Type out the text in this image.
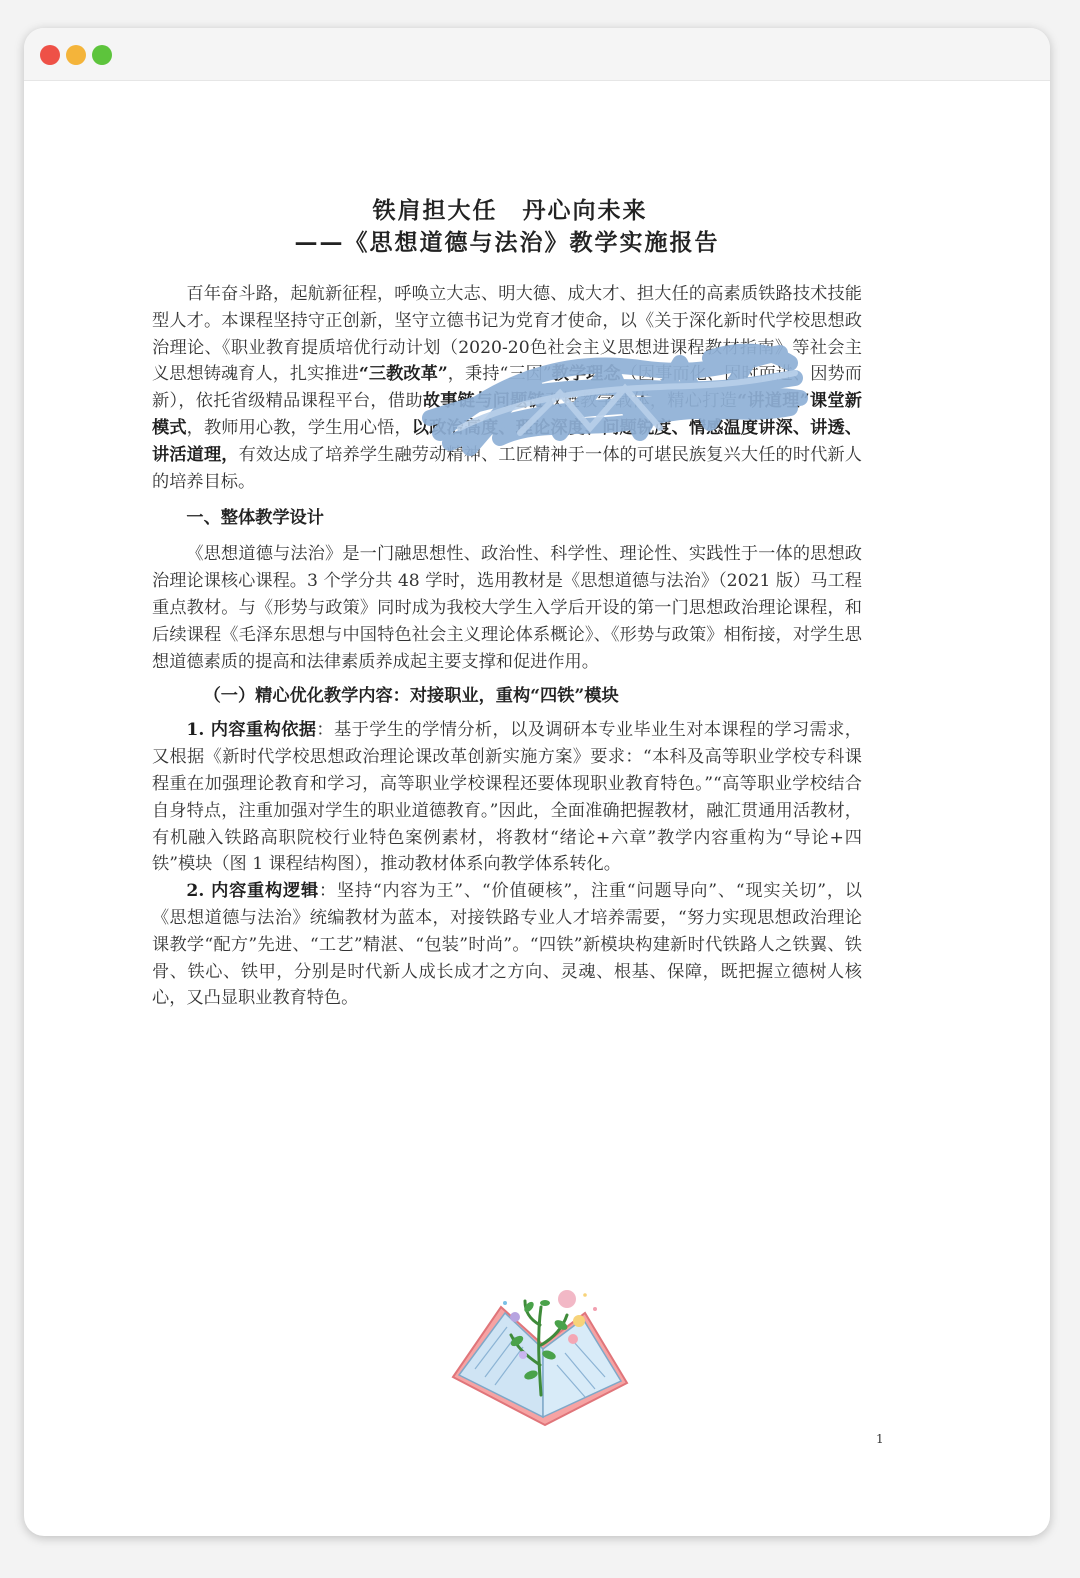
铁肩担大任　丹心向未来

——《思想道德与法治》教学实施报告

百年奋斗路，起航新征程，呼唤立大志、明大德、成大才、担大任的高素质铁路技术技能型人才。本课程坚持守正创新，坚守立德书记为党育才使命，以《关于深化新时代学校思想政治理论、《职业教育提质培优行动计划（2020-20色社会主义思想进课程教材指南》等社会主义思想铸魂育人，扎实推进“三教改革”，秉持“三因”教学理念（因事而化、因时而进、因势而新），依托省级精品课程平台，借助故事链与问题链双链教学载体，精心打造“讲道理”课堂新模式，教师用心教，学生用心悟，以政治高度、理论深度、问题锐度、情感温度讲深、讲透、讲活道理，有效达成了培养学生融劳动精神、工匠精神于一体的可堪民族复兴大任的时代新人的培养目标。

一、整体教学设计

《思想道德与法治》是一门融思想性、政治性、科学性、理论性、实践性于一体的思想政治理论课核心课程。3 个学分共 48 学时，选用教材是《思想道德与法治》（2021 版）马工程重点教材。与《形势与政策》同时成为我校大学生入学后开设的第一门思想政治理论课程，和后续课程《毛泽东思想与中国特色社会主义理论体系概论》、《形势与政策》相衔接，对学生思想道德素质的提高和法律素质养成起主要支撑和促进作用。

（一）精心优化教学内容：对接职业，重构“四铁”模块

1. 内容重构依据：基于学生的学情分析，以及调研本专业毕业生对本课程的学习需求，又根据《新时代学校思想政治理论课改革创新实施方案》要求：“本科及高等职业学校专科课程重在加强理论教育和学习，高等职业学校课程还要体现职业教育特色。”“高等职业学校结合自身特点，注重加强对学生的职业道德教育。”因此，全面准确把握教材，融汇贯通用活教材，有机融入铁路高职院校行业特色案例素材，将教材“绪论+六章”教学内容重构为“导论+四铁”模块（图 1 课程结构图），推动教材体系向教学体系转化。

2. 内容重构逻辑：坚持“内容为王”、“价值硬核”，注重“问题导向”、“现实关切”，以《思想道德与法治》统编教材为蓝本，对接铁路专业人才培养需要，“努力实现思想政治理论课教学“配方”先进、“工艺”精湛、“包装”时尚”。“四铁”新模块构建新时代铁路人之铁翼、铁骨、铁心、铁甲，分别是时代新人成长成才之方向、灵魂、根基、保障，既把握立德树人核心，又凸显职业教育特色。

1
